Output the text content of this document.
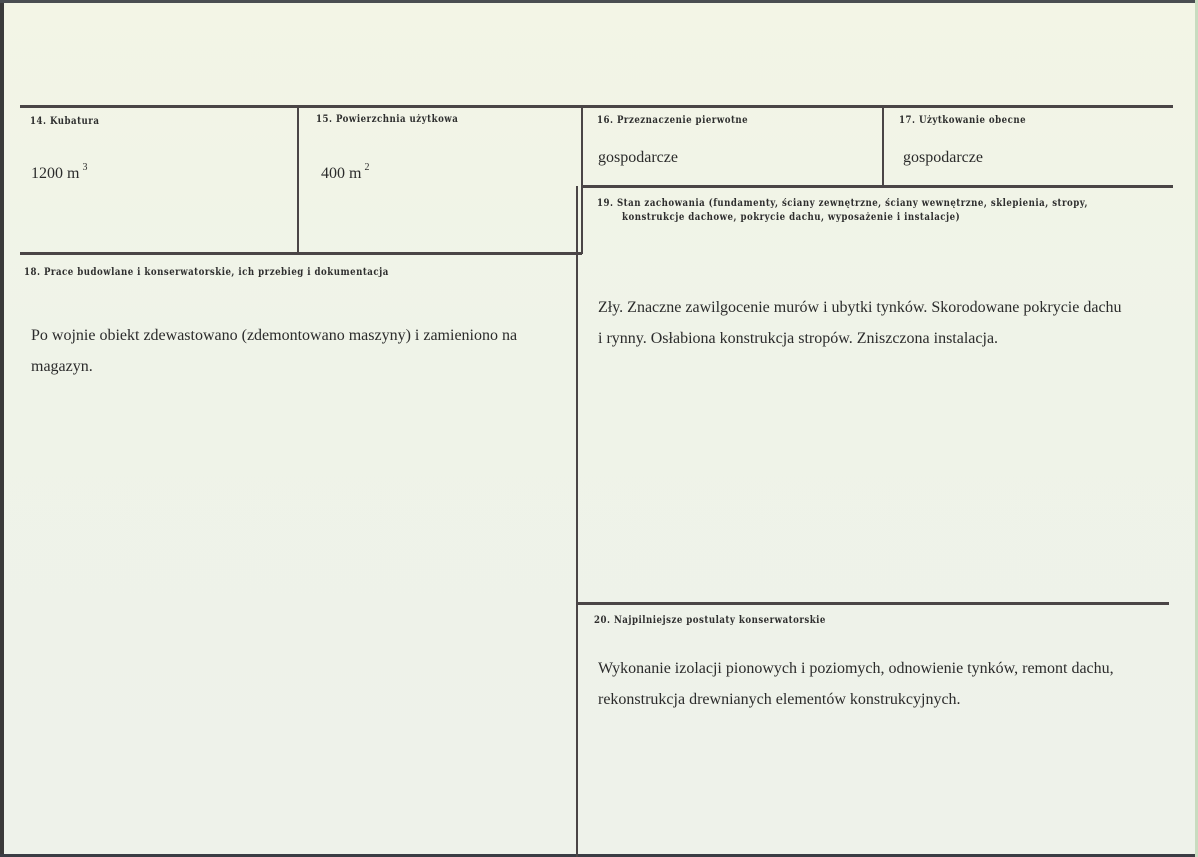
14. Kubatura
1200 m $^3$
15. Powierzchnia użytkowa
400 m $^2$
16. Przeznaczenie pierwotne
gospodarcze
17. Użytkowanie obecne
gospodarcze
18. Prace budowlane i konserwatorskie, ich przebieg i dokumentacja
Po wojnie obiekt zdewastowano (zdemontowano maszyny) i zamieniono na
magazyn.
19. Stan zachowania (fundamenty, ściany zewnętrzne, ściany wewnętrzne, sklepienia, stropy,
konstrukcje dachowe, pokrycie dachu, wyposażenie i instalacje)
Zły. Znaczne zawilgocenie murów i ubytki tynków. Skorodowane pokrycie dachu
i rynny. Osłabiona konstrukcja stropów. Zniszczona instalacja.
20. Najpilniejsze postulaty konserwatorskie
Wykonanie izolacji pionowych i poziomych, odnowienie tynków, remont dachu,
rekonstrukcja drewnianych elementów konstrukcyjnych.
